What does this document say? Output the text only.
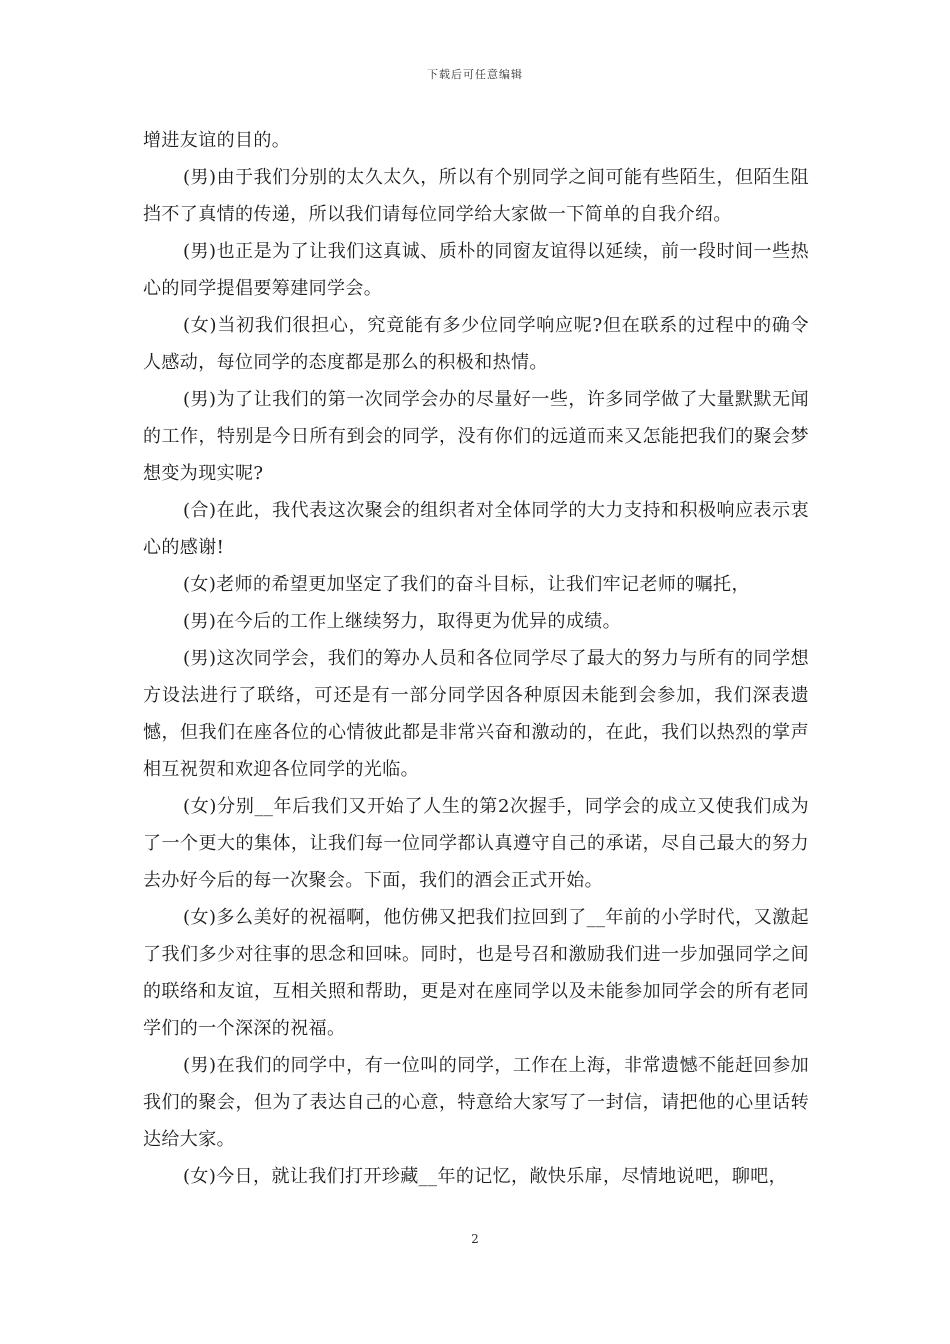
下载后可任意编辑

增进友谊的目的。

(男)由于我们分别的太久太久，所以有个别同学之间可能有些陌生，但陌生阻挡不了真情的传递，所以我们请每位同学给大家做一下简单的自我介绍。

(男)也正是为了让我们这真诚、质朴的同窗友谊得以延续，前一段时间一些热心的同学提倡要筹建同学会。

(女)当初我们很担心，究竟能有多少位同学响应呢?但在联系的过程中的确令人感动，每位同学的态度都是那么的积极和热情。

(男)为了让我们的第一次同学会办的尽量好一些，许多同学做了大量默默无闻的工作，特别是今日所有到会的同学，没有你们的远道而来又怎能把我们的聚会梦想变为现实呢?

(合)在此，我代表这次聚会的组织者对全体同学的大力支持和积极响应表示衷心的感谢!

(女)老师的希望更加坚定了我们的奋斗目标，让我们牢记老师的嘱托，

(男)在今后的工作上继续努力，取得更为优异的成绩。

(男)这次同学会，我们的筹办人员和各位同学尽了最大的努力与所有的同学想方设法进行了联络，可还是有一部分同学因各种原因未能到会参加，我们深表遗憾，但我们在座各位的心情彼此都是非常兴奋和激动的，在此，我们以热烈的掌声相互祝贺和欢迎各位同学的光临。

(女)分别__年后我们又开始了人生的第2次握手，同学会的成立又使我们成为了一个更大的集体，让我们每一位同学都认真遵守自己的承诺，尽自己最大的努力去办好今后的每一次聚会。下面，我们的酒会正式开始。

(女)多么美好的祝福啊，他仿佛又把我们拉回到了__年前的小学时代，又激起了我们多少对往事的思念和回味。同时，也是号召和激励我们进一步加强同学之间的联络和友谊，互相关照和帮助，更是对在座同学以及未能参加同学会的所有老同学们的一个深深的祝福。

(男)在我们的同学中，有一位叫的同学，工作在上海，非常遗憾不能赶回参加我们的聚会，但为了表达自己的心意，特意给大家写了一封信，请把他的心里话转达给大家。

(女)今日，就让我们打开珍藏__年的记忆，敞快乐扉，尽情地说吧，聊吧，

2
